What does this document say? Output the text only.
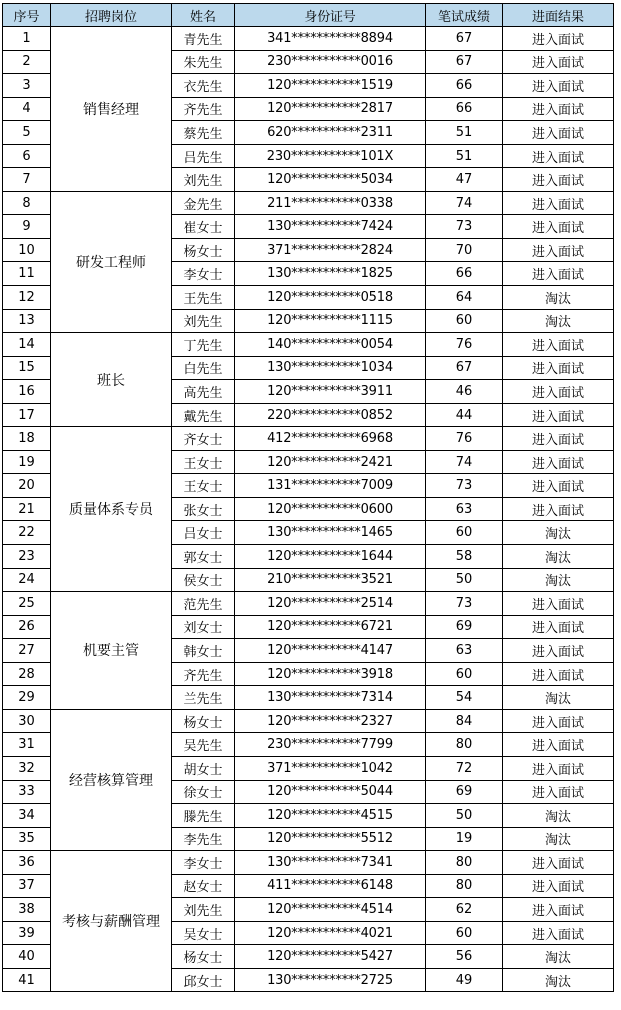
序号	招聘岗位	姓名	身份证号	笔试成绩	进面结果
1	销售经理	青先生	341***********8894	67	进入面试
2		朱先生	230***********0016	67	进入面试
3		衣先生	120***********1519	66	进入面试
4		齐先生	120***********2817	66	进入面试
5		蔡先生	620***********2311	51	进入面试
6		吕先生	230***********101X	51	进入面试
7		刘先生	120***********5034	47	进入面试
8	研发工程师	金先生	211***********0338	74	进入面试
9		崔女士	130***********7424	73	进入面试
10		杨女士	371***********2824	70	进入面试
11		李女士	130***********1825	66	进入面试
12		王先生	120***********0518	64	淘汰
13		刘先生	120***********1115	60	淘汰
14	班长	丁先生	140***********0054	76	进入面试
15		白先生	130***********1034	67	进入面试
16		高先生	120***********3911	46	进入面试
17		戴先生	220***********0852	44	进入面试
18	质量体系专员	齐女士	412***********6968	76	进入面试
19		王女士	120***********2421	74	进入面试
20		王女士	131***********7009	73	进入面试
21		张女士	120***********0600	63	进入面试
22		吕女士	130***********1465	60	淘汰
23		郭女士	120***********1644	58	淘汰
24		侯女士	210***********3521	50	淘汰
25	机要主管	范先生	120***********2514	73	进入面试
26		刘女士	120***********6721	69	进入面试
27		韩女士	120***********4147	63	进入面试
28		齐先生	120***********3918	60	进入面试
29		兰先生	130***********7314	54	淘汰
30	经营核算管理	杨女士	120***********2327	84	进入面试
31		吴先生	230***********7799	80	进入面试
32		胡女士	371***********1042	72	进入面试
33		徐女士	120***********5044	69	进入面试
34		滕先生	120***********4515	50	淘汰
35		李先生	120***********5512	19	淘汰
36	考核与薪酬管理	李女士	130***********7341	80	进入面试
37		赵女士	411***********6148	80	进入面试
38		刘先生	120***********4514	62	进入面试
39		吴女士	120***********4021	60	进入面试
40		杨女士	120***********5427	56	淘汰
41		邱女士	130***********2725	49	淘汰
